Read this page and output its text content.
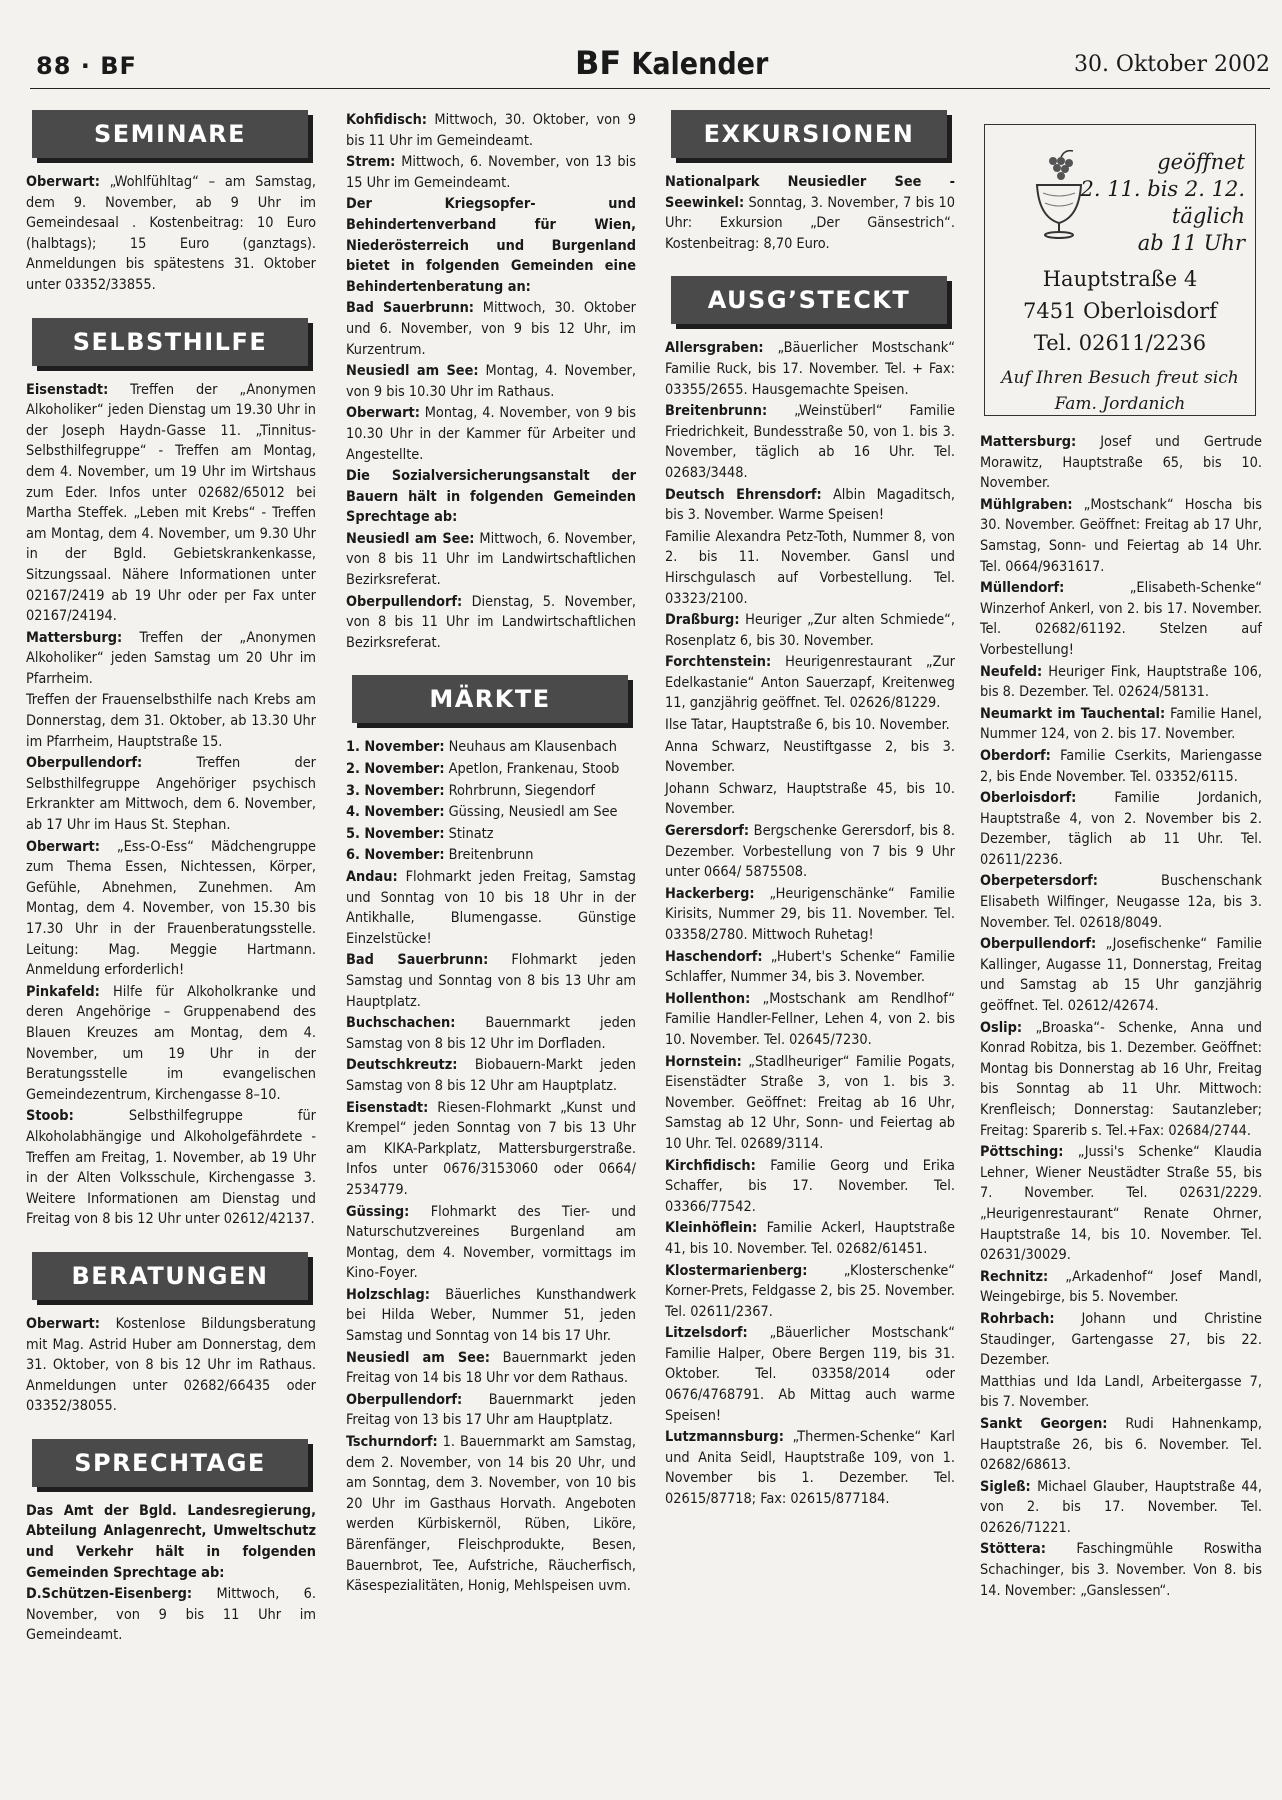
88 · BF	BF Kalender	30. Oktober 2002
SEMINARE

Oberwart: „Wohlfühltag“ – am Samstag, dem 9. November, ab 9 Uhr im Gemeindesaal . Kostenbeitrag: 10 Euro (halbtags); 15 Euro (ganztags). Anmeldungen bis spätestens 31. Oktober unter 03352/33855.

SELBSTHILFE

Eisenstadt: Treffen der „Anonymen Alkoholiker“ jeden Dienstag um 19.30 Uhr in der Joseph Haydn-Gasse 11. „Tinnitus-Selbsthilfegruppe“ - Treffen am Montag, dem 4. November, um 19 Uhr im Wirtshaus zum Eder. Infos unter 02682/65012 bei Martha Steffek. „Leben mit Krebs“ - Treffen am Montag, dem 4. November, um 9.30 Uhr in der Bgld. Gebietskrankenkasse, Sitzungssaal. Nähere Informationen unter 02167/2419 ab 19 Uhr oder per Fax unter 02167/24194.

Mattersburg: Treffen der „Anonymen Alkoholiker“ jeden Samstag um 20 Uhr im Pfarrheim.

Treffen der Frauenselbsthilfe nach Krebs am Donnerstag, dem 31. Oktober, ab 13.30 Uhr im Pfarrheim, Hauptstraße 15.

Oberpullendorf: Treffen der Selbsthilfegruppe Angehöriger psychisch Erkrankter am Mittwoch, dem 6. November, ab 17 Uhr im Haus St. Stephan.

Oberwart: „Ess-O-Ess“ Mädchengruppe zum Thema Essen, Nichtessen, Körper, Gefühle, Abnehmen, Zunehmen. Am Montag, dem 4. November, von 15.30 bis 17.30 Uhr in der Frauenberatungsstelle. Leitung: Mag. Meggie Hartmann. Anmeldung erforderlich!

Pinkafeld: Hilfe für Alkoholkranke und deren Angehörige – Gruppenabend des Blauen Kreuzes am Montag, dem 4. November, um 19 Uhr in der Beratungsstelle im evangelischen Gemeindezentrum, Kirchengasse 8–10.

Stoob: Selbsthilfegruppe für Alkoholabhängige und Alkoholgefährdete - Treffen am Freitag, 1. November, ab 19 Uhr in der Alten Volksschule, Kirchengasse 3. Weitere Informationen am Dienstag und Freitag von 8 bis 12 Uhr unter 02612/42137.

BERATUNGEN

Oberwart: Kostenlose Bildungsberatung mit Mag. Astrid Huber am Donnerstag, dem 31. Oktober, von 8 bis 12 Uhr im Rathaus. Anmeldungen unter 02682/66435 oder 03352/38055.

SPRECHTAGE

Das Amt der Bgld. Landesregierung, Abteilung Anlagenrecht, Umweltschutz und Verkehr hält in folgenden Gemeinden Sprechtage ab:

D.Schützen-Eisenberg: Mittwoch, 6. November, von 9 bis 11 Uhr im Gemeindeamt.

Kohfidisch: Mittwoch, 30. Oktober, von 9 bis 11 Uhr im Gemeindeamt.

Strem: Mittwoch, 6. November, von 13 bis 15 Uhr im Gemeindeamt.

Der Kriegsopfer- und Behindertenverband für Wien, Niederösterreich und Burgenland bietet in folgenden Gemeinden eine Behindertenberatung an:

Bad Sauerbrunn: Mittwoch, 30. Oktober und 6. November, von 9 bis 12 Uhr, im Kurzentrum.

Neusiedl am See: Montag, 4. November, von 9 bis 10.30 Uhr im Rathaus.

Oberwart: Montag, 4. November, von 9 bis 10.30 Uhr in der Kammer für Arbeiter und Angestellte.

Die Sozialversicherungsanstalt der Bauern hält in folgenden Gemeinden Sprechtage ab:

Neusiedl am See: Mittwoch, 6. November, von 8 bis 11 Uhr im Landwirtschaftlichen Bezirksreferat.

Oberpullendorf: Dienstag, 5. November, von 8 bis 11 Uhr im Landwirtschaftlichen Bezirksreferat.

MÄRKTE

1. November: Neuhaus am Klausenbach

2. November: Apetlon, Frankenau, Stoob

3. November: Rohrbrunn, Siegendorf

4. November: Güssing, Neusiedl am See

5. November: Stinatz

6. November: Breitenbrunn

Andau: Flohmarkt jeden Freitag, Samstag und Sonntag von 10 bis 18 Uhr in der Antikhalle, Blumengasse. Günstige Einzelstücke!

Bad Sauerbrunn: Flohmarkt jeden Samstag und Sonntag von 8 bis 13 Uhr am Hauptplatz.

Buchschachen: Bauernmarkt jeden Samstag von 8 bis 12 Uhr im Dorfladen.

Deutschkreutz: Biobauern-Markt jeden Samstag von 8 bis 12 Uhr am Hauptplatz.

Eisenstadt: Riesen-Flohmarkt „Kunst und Krempel“ jeden Sonntag von 7 bis 13 Uhr am KIKA-Parkplatz, Mattersburgerstraße. Infos unter 0676/3153060 oder 0664/ 2534779.

Güssing: Flohmarkt des Tier- und Naturschutzvereines Burgenland am Montag, dem 4. November, vormittags im Kino-Foyer.

Holzschlag: Bäuerliches Kunsthandwerk bei Hilda Weber, Nummer 51, jeden Samstag und Sonntag von 14 bis 17 Uhr.

Neusiedl am See: Bauernmarkt jeden Freitag von 14 bis 18 Uhr vor dem Rathaus.

Oberpullendorf: Bauernmarkt jeden Freitag von 13 bis 17 Uhr am Hauptplatz.

Tschurndorf: 1. Bauernmarkt am Samstag, dem 2. November, von 14 bis 20 Uhr, und am Sonntag, dem 3. November, von 10 bis 20 Uhr im Gasthaus Horvath. Angeboten werden Kürbiskernöl, Rüben, Liköre, Bärenfänger, Fleischprodukte, Besen, Bauernbrot, Tee, Aufstriche, Räucherfisch, Käsespezialitäten, Honig, Mehlspeisen uvm.

EXKURSIONEN

Nationalpark Neusiedler See - Seewinkel: Sonntag, 3. November, 7 bis 10 Uhr: Exkursion „Der Gänsestrich“. Kostenbeitrag: 8,70 Euro.

AUSG’STECKT

Allersgraben: „Bäuerlicher Mostschank“ Familie Ruck, bis 17. November. Tel. + Fax: 03355/2655. Hausgemachte Speisen.

Breitenbrunn: „Weinstüberl“ Familie Friedrichkeit, Bundesstraße 50, von 1. bis 3. November, täglich ab 16 Uhr. Tel. 02683/3448.

Deutsch Ehrensdorf: Albin Magaditsch, bis 3. November. Warme Speisen!

Familie Alexandra Petz-Toth, Nummer 8, von 2. bis 11. November. Gansl und Hirschgulasch auf Vorbestellung. Tel. 03323/2100.

Draßburg: Heuriger „Zur alten Schmiede“, Rosenplatz 6, bis 30. November.

Forchtenstein: Heurigenrestaurant „Zur Edelkastanie“ Anton Sauerzapf, Kreitenweg 11, ganzjährig geöffnet. Tel. 02626/81229.

Ilse Tatar, Hauptstraße 6, bis 10. November.

Anna Schwarz, Neustiftgasse 2, bis 3. November.

Johann Schwarz, Hauptstraße 45, bis 10. November.

Gerersdorf: Bergschenke Gerersdorf, bis 8. Dezember. Vorbestellung von 7 bis 9 Uhr unter 0664/ 5875508.

Hackerberg: „Heurigenschänke“ Familie Kirisits, Nummer 29, bis 11. November. Tel. 03358/2780. Mittwoch Ruhetag!

Haschendorf: „Hubert's Schenke“ Familie Schlaffer, Nummer 34, bis 3. November.

Hollenthon: „Mostschank am Rendlhof“ Familie Handler-Fellner, Lehen 4, von 2. bis 10. November. Tel. 02645/7230.

Hornstein: „Stadlheuriger“ Familie Pogats, Eisenstädter Straße 3, von 1. bis 3. November. Geöffnet: Freitag ab 16 Uhr, Samstag ab 12 Uhr, Sonn- und Feiertag ab 10 Uhr. Tel. 02689/3114.

Kirchfidisch: Familie Georg und Erika Schaffer, bis 17. November. Tel. 03366/77542.

Kleinhöflein: Familie Ackerl, Hauptstraße 41, bis 10. November. Tel. 02682/61451.

Klostermarienberg: „Klosterschenke“ Korner-Prets, Feldgasse 2, bis 25. November. Tel. 02611/2367.

Litzelsdorf: „Bäuerlicher Mostschank“ Familie Halper, Obere Bergen 119, bis 31. Oktober. Tel. 03358/2014 oder 0676/4768791. Ab Mittag auch warme Speisen!

Lutzmannsburg: „Thermen-Schenke“ Karl und Anita Seidl, Hauptstraße 109, von 1. November bis 1. Dezember. Tel. 02615/87718; Fax: 02615/877184.

geöffnet
2. 11. bis 2. 12.
täglich
ab 11 Uhr
Hauptstraße 4
7451 Oberloisdorf
Tel. 02611/2236
Auf Ihren Besuch freut sich
Fam. Jordanich

Mattersburg: Josef und Gertrude Morawitz, Hauptstraße 65, bis 10. November.

Mühlgraben: „Mostschank“ Hoscha bis 30. November. Geöffnet: Freitag ab 17 Uhr, Samstag, Sonn- und Feiertag ab 14 Uhr. Tel. 0664/9631617.

Müllendorf: „Elisabeth-Schenke“ Winzerhof Ankerl, von 2. bis 17. November. Tel. 02682/61192. Stelzen auf Vorbestellung!

Neufeld: Heuriger Fink, Hauptstraße 106, bis 8. Dezember. Tel. 02624/58131.

Neumarkt im Tauchental: Familie Hanel, Nummer 124, von 2. bis 17. November.

Oberdorf: Familie Cserkits, Mariengasse 2, bis Ende November. Tel. 03352/6115.

Oberloisdorf: Familie Jordanich, Hauptstraße 4, von 2. November bis 2. Dezember, täglich ab 11 Uhr. Tel. 02611/2236.

Oberpetersdorf: Buschenschank Elisabeth Wilfinger, Neugasse 12a, bis 3. November. Tel. 02618/8049.

Oberpullendorf: „Josefischenke“ Familie Kallinger, Augasse 11, Donnerstag, Freitag und Samstag ab 15 Uhr ganzjährig geöffnet. Tel. 02612/42674.

Oslip: „Broaska“- Schenke, Anna und Konrad Robitza, bis 1. Dezember. Geöffnet: Montag bis Donnerstag ab 16 Uhr, Freitag bis Sonntag ab 11 Uhr. Mittwoch: Krenfleisch; Donnerstag: Sautanzleber; Freitag: Sparerib s. Tel.+Fax: 02684/2744.

Pöttsching: „Jussi's Schenke“ Klaudia Lehner, Wiener Neustädter Straße 55, bis 7. November. Tel. 02631/2229. „Heurigenrestaurant“ Renate Ohrner, Hauptstraße 14, bis 10. November. Tel. 02631/30029.

Rechnitz: „Arkadenhof“ Josef Mandl, Weingebirge, bis 5. November.

Rohrbach: Johann und Christine Staudinger, Gartengasse 27, bis 22. Dezember.

Matthias und Ida Landl, Arbeitergasse 7, bis 7. November.

Sankt Georgen: Rudi Hahnenkamp, Hauptstraße 26, bis 6. November. Tel. 02682/68613.

Sigleß: Michael Glauber, Hauptstraße 44, von 2. bis 17. November. Tel. 02626/71221.

Stöttera: Faschingmühle Roswitha Schachinger, bis 3. November. Von 8. bis 14. November: „Ganslessen“.
